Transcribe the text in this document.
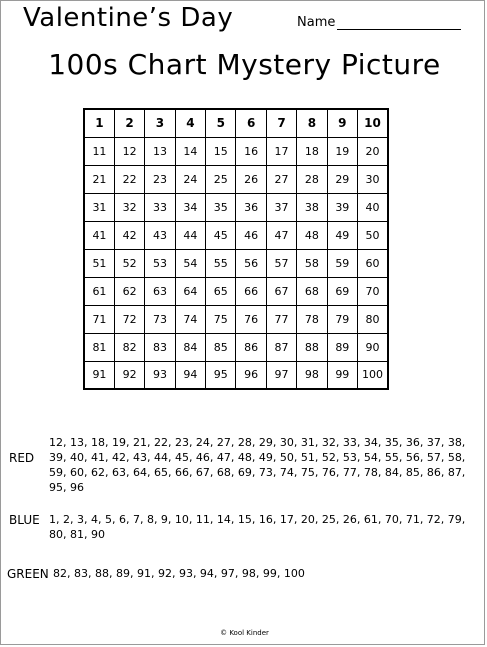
Valentine’s Day	Name
100s Chart Mystery Picture
1	2	3	4	5	6	7	8	9	10
11	12	13	14	15	16	17	18	19	20
21	22	23	24	25	26	27	28	29	30
31	32	33	34	35	36	37	38	39	40
41	42	43	44	45	46	47	48	49	50
51	52	53	54	55	56	57	58	59	60
61	62	63	64	65	66	67	68	69	70
71	72	73	74	75	76	77	78	79	80
81	82	83	84	85	86	87	88	89	90
91	92	93	94	95	96	97	98	99	100
RED
12, 13, 18, 19, 21, 22, 23, 24, 27, 28, 29, 30, 31, 32, 33, 34, 35, 36, 37, 38, 39, 40, 41, 42, 43, 44, 45, 46, 47, 48, 49, 50, 51, 52, 53, 54, 55, 56, 57, 58, 59, 60, 62, 63, 64, 65, 66, 67, 68, 69, 73, 74, 75, 76, 77, 78, 84, 85, 86, 87, 95, 96
BLUE 1, 2, 3, 4, 5, 6, 7, 8, 9, 10, 11, 14, 15, 16, 17, 20, 25, 26, 61, 70, 71, 72, 79, 80, 81, 90
GREEN 82, 83, 88, 89, 91, 92, 93, 94, 97, 98, 99, 100
© Kool Kinder
